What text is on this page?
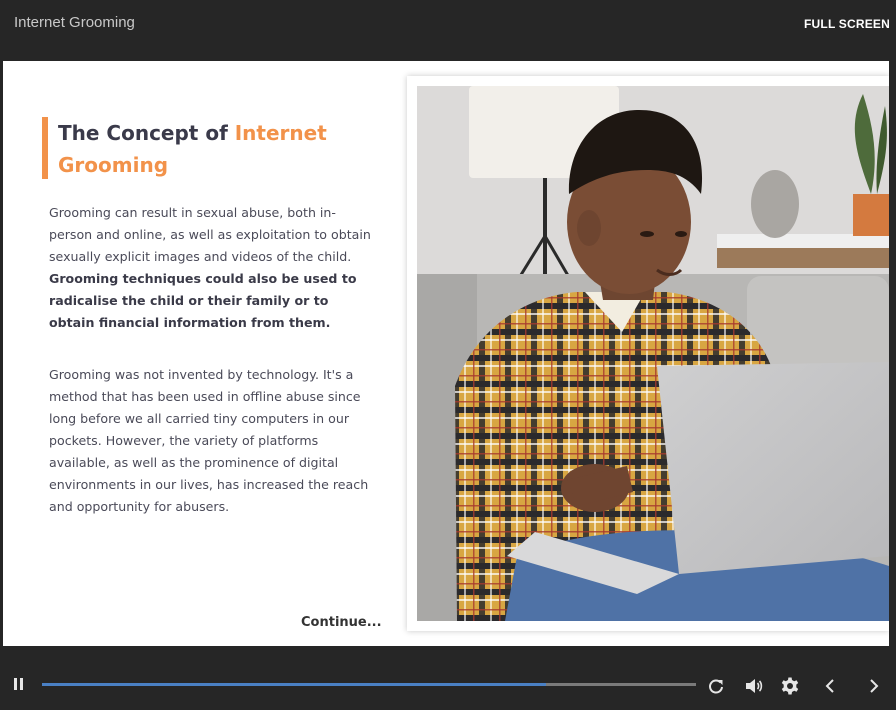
Internet Grooming	FULL SCREEN
The Concept of Internet Grooming

Grooming can result in sexual abuse, both in-person and online, as well as exploitation to obtain sexually explicit images and videos of the child. Grooming techniques could also be used to radicalise the child or their family or to obtain financial information from them.

Grooming was not invented by technology. It's a method that has been used in offline abuse since long before we all carried tiny computers in our pockets. However, the variety of platforms available, as well as the prominence of digital environments in our lives, has increased the reach and opportunity for abusers.

Continue...
